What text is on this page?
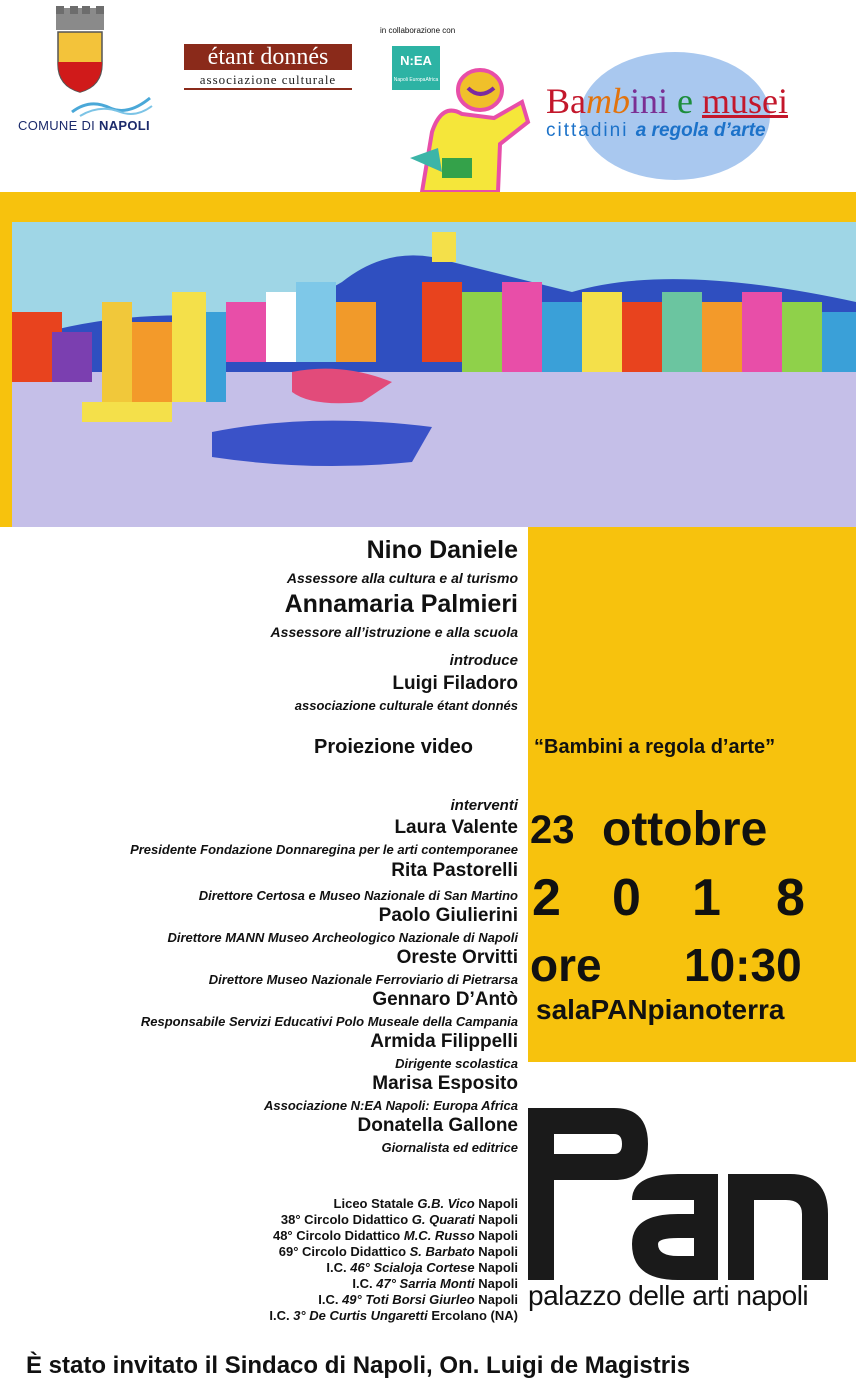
COMUNE DI NAPOLI
étant donnés
associazione culturale
in collaborazione con
N:EA
Napoli EuropaAfrica
Bambini e musei
cittadini a regola d’arte
Nino Daniele
Assessore alla cultura e al turismo
Annamaria Palmieri
Assessore all’istruzione e alla scuola
introduce
Luigi Filadoro
associazione culturale étant donnés
Proiezione video	“Bambini a regola d’arte”
interventi
Laura Valente
Presidente Fondazione Donnaregina per le arti contemporanee
Rita Pastorelli
Direttore Certosa e Museo Nazionale di San Martino
Paolo Giulierini
Direttore MANN Museo Archeologico Nazionale di Napoli
Oreste Orvitti
Direttore Museo Nazionale Ferroviario di Pietrarsa
Gennaro D’Antò
Responsabile Servizi Educativi Polo Museale della Campania
Armida Filippelli
Dirigente scolastica
Marisa Esposito
Associazione N:EA Napoli: Europa Africa
Donatella Gallone
Giornalista ed editrice
23 ottobre
2 0 1 8
ore 10:30
salaPANpianoterra
Liceo Statale G.B. Vico Napoli
38° Circolo Didattico G. Quarati Napoli
48° Circolo Didattico M.C. Russo Napoli
69° Circolo Didattico S. Barbato Napoli
I.C. 46° Scialoja Cortese Napoli
I.C. 47° Sarria Monti Napoli
I.C. 49° Toti Borsi Giurleo Napoli
I.C. 3° De Curtis Ungaretti Ercolano (NA)
palazzo delle arti napoli
È stato invitato il Sindaco di Napoli, On. Luigi de Magistris
